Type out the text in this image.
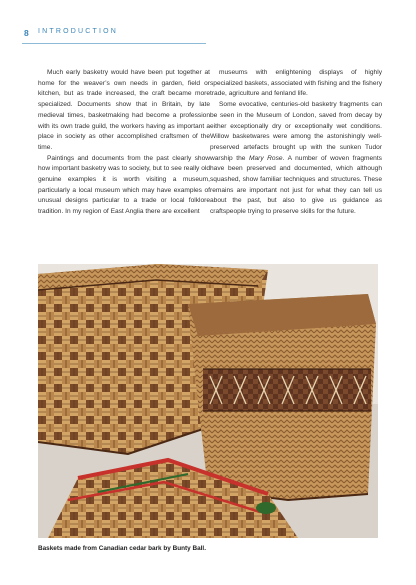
8 INTRODUCTION

Much early basketry would have been put together at home for the weaver’s own needs in garden, field or kitchen, but as trade increased, the craft became more specialized. Documents show that in Britain, by late medieval times, basketmaking had become a profession with its own trade guild, the workers having as important a place in society as other accomplished craftsmen of the time.

Paintings and documents from the past clearly show how important basketry was to society, but to see really old genuine examples it is worth visiting a museum, particularly a local museum which may have examples of unusual designs particular to a trade or local folklore tradition. In my region of East Anglia there are excellent

museums with enlightening displays of highly specialized baskets, associated with fishing and the fishery trade, agriculture and fenland life.

Some evocative, centuries-old basketry fragments can be seen in the Museum of London, saved from decay by either exceptionally dry or exceptionally wet conditions. Willow basketwares were among the astonishingly well-preserved artefacts brought up with the sunken Tudor warship the Mary Rose. A number of woven fragments have been preserved and documented, which although squashed, show familiar techniques and structures. These remains are important not just for what they can tell us about the past, but also to give us guidance as craftspeople trying to preserve skills for the future.

Baskets made from Canadian cedar bark by Bunty Ball.
